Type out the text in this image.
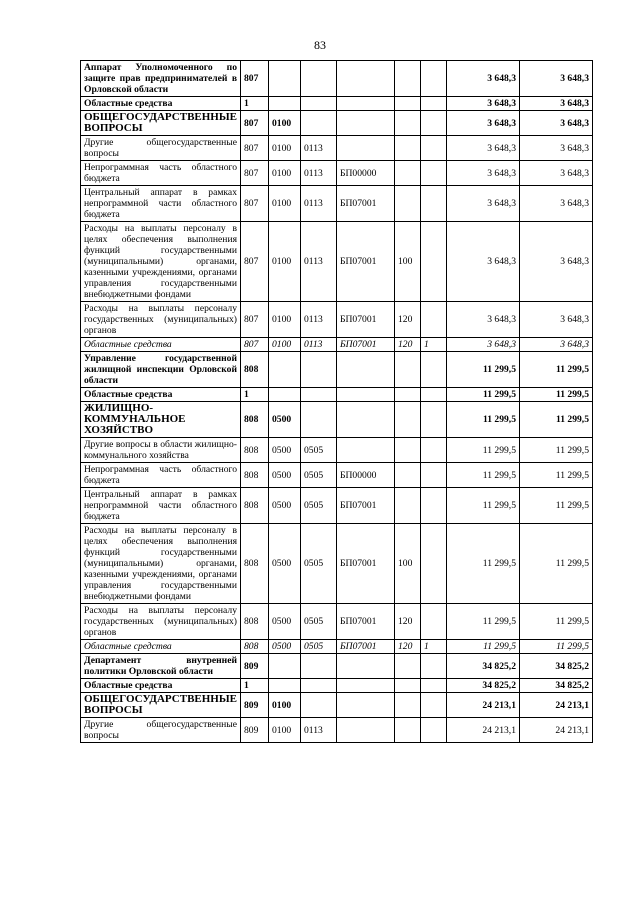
83
Аппарат Уполномоченного по защите прав предпринимателей в Орловской области	807						3 648,3	3 648,3
Областные средства	1						3 648,3	3 648,3
ОБЩЕГОСУДАРСТВЕННЫЕ ВОПРОСЫ	807	0100					3 648,3	3 648,3
Другие общегосударственные вопросы	807	0100	0113				3 648,3	3 648,3
Непрограммная часть областного бюджета	807	0100	0113	БП00000			3 648,3	3 648,3
Центральный аппарат в рамках непрограммной части областного бюджета	807	0100	0113	БП07001			3 648,3	3 648,3
Расходы на выплаты персоналу в целях обеспечения выполнения функций государственными (муниципальными) органами, казенными учреждениями, органами управления государственными внебюджетными фондами	807	0100	0113	БП07001	100		3 648,3	3 648,3
Расходы на выплаты персоналу государственных (муниципальных) органов	807	0100	0113	БП07001	120		3 648,3	3 648,3
Областные средства	807	0100	0113	БП07001	120	1	3 648,3	3 648,3
Управление государственной жилищной инспекции Орловской области	808						11 299,5	11 299,5
Областные средства	1						11 299,5	11 299,5
ЖИЛИЩНО-КОММУНАЛЬНОЕ ХОЗЯЙСТВО	808	0500					11 299,5	11 299,5
Другие вопросы в области жилищно-коммунального хозяйства	808	0500	0505				11 299,5	11 299,5
Непрограммная часть областного бюджета	808	0500	0505	БП00000			11 299,5	11 299,5
Центральный аппарат в рамках непрограммной части областного бюджета	808	0500	0505	БП07001			11 299,5	11 299,5
Расходы на выплаты персоналу в целях обеспечения выполнения функций государственными (муниципальными) органами, казенными учреждениями, органами управления государственными внебюджетными фондами	808	0500	0505	БП07001	100		11 299,5	11 299,5
Расходы на выплаты персоналу государственных (муниципальных) органов	808	0500	0505	БП07001	120		11 299,5	11 299,5
Областные средства	808	0500	0505	БП07001	120	1	11 299,5	11 299,5
Департамент внутренней политики Орловской области	809						34 825,2	34 825,2
Областные средства	1						34 825,2	34 825,2
ОБЩЕГОСУДАРСТВЕННЫЕ ВОПРОСЫ	809	0100					24 213,1	24 213,1
Другие общегосударственные вопросы	809	0100	0113				24 213,1	24 213,1
